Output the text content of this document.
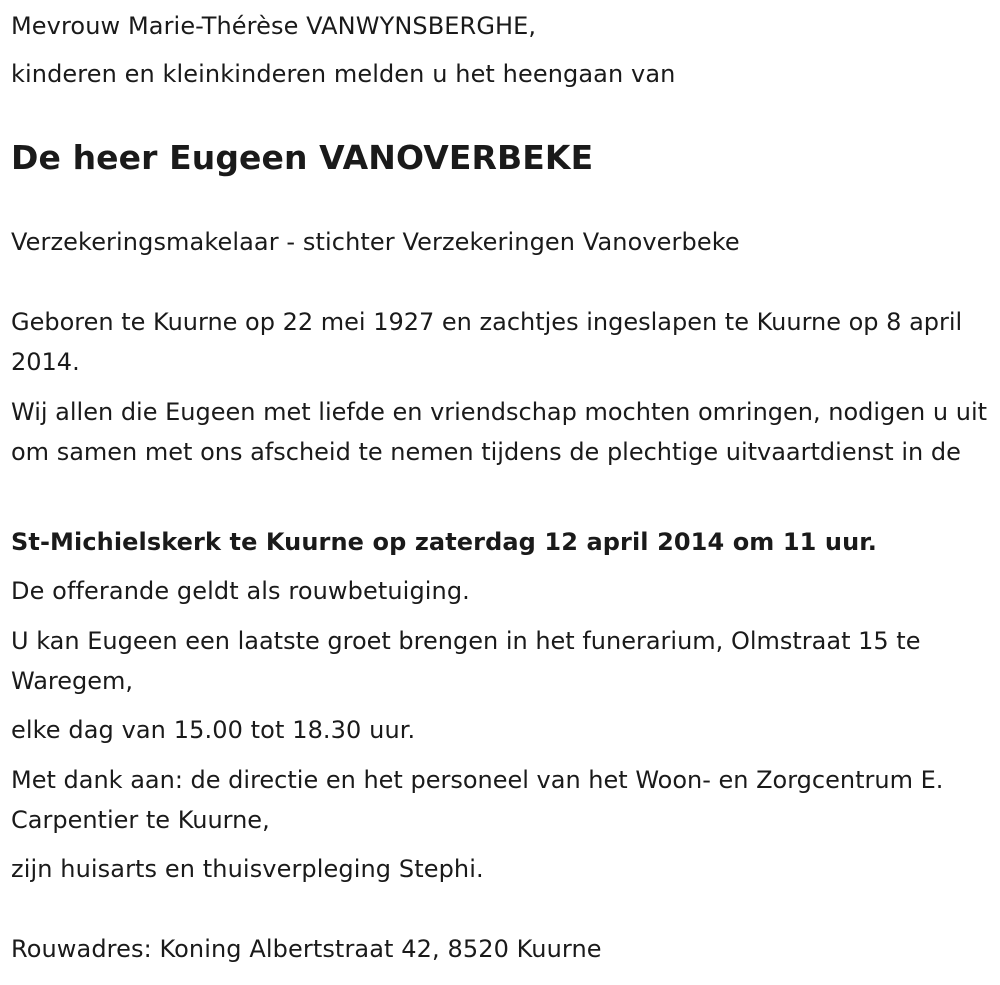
Mevrouw Marie-Thérèse VANWYNSBERGHE,
kinderen en kleinkinderen melden u het heengaan van
De heer Eugeen VANOVERBEKE
Verzekeringsmakelaar - stichter Verzekeringen Vanoverbeke
Geboren te Kuurne op 22 mei 1927 en zachtjes ingeslapen te Kuurne op 8 april 2014.
Wij allen die Eugeen met liefde en vriendschap mochten omringen, nodigen u uit om samen met ons afscheid te nemen tijdens de plechtige uitvaartdienst in de
St-Michielskerk te Kuurne op zaterdag 12 april 2014 om 11 uur.
De offerande geldt als rouwbetuiging.
U kan Eugeen een laatste groet brengen in het funerarium, Olmstraat 15 te Waregem,
elke dag van 15.00 tot 18.30 uur.
Met dank aan: de directie en het personeel van het Woon- en Zorgcentrum E. Carpentier te Kuurne,
zijn huisarts en thuisverpleging Stephi.
Rouwadres: Koning Albertstraat 42, 8520 Kuurne
